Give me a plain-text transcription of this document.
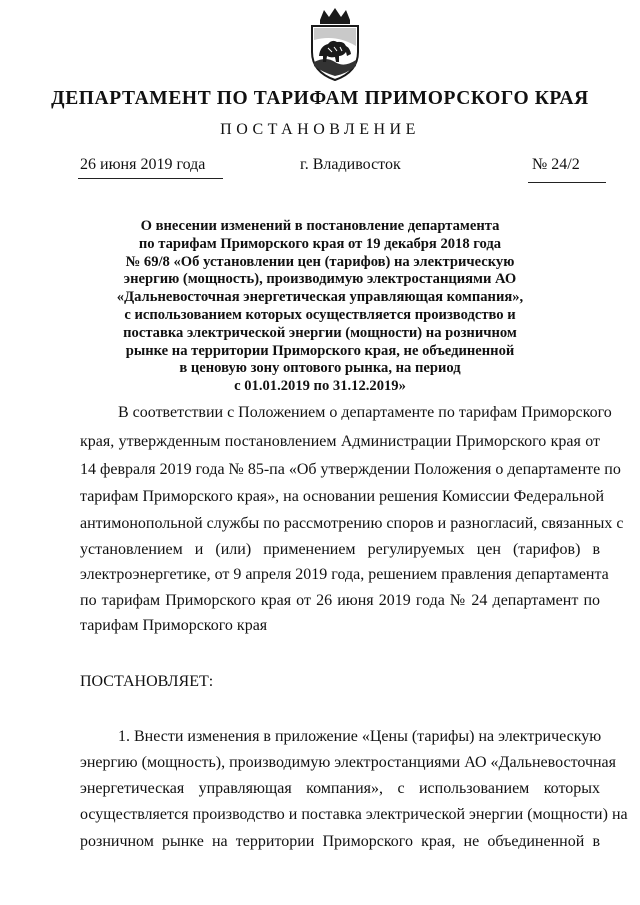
ДЕПАРТАМЕНТ ПО ТАРИФАМ ПРИМОРСКОГО КРАЯ
ПОСТАНОВЛЕНИЕ
26 июня 2019 года	г. Владивосток	№ 24/2
О внесении изменений в постановление департамента
по тарифам Приморского края от 19 декабря 2018 года
№ 69/8 «Об установлении цен (тарифов) на электрическую
энергию (мощность), производимую электростанциями АО
«Дальневосточная энергетическая управляющая компания»,
с использованием которых осуществляется производство и
поставка электрической энергии (мощности) на розничном
рынке на территории Приморского края, не объединенной
в ценовую зону оптового рынка, на период
с 01.01.2019 по 31.12.2019»
В соответствии с Положением о департаменте по тарифам Приморского
края, утвержденным постановлением Администрации Приморского края от
14 февраля 2019 года № 85-па «Об утверждении Положения о департаменте по
тарифам Приморского края», на основании решения Комиссии Федеральной
антимонопольной службы по рассмотрению споров и разногласий, связанных с
установлением и (или) применением регулируемых цен (тарифов) в
электроэнергетике, от 9 апреля 2019 года, решением правления департамента
по тарифам Приморского края от 26 июня 2019 года № 24 департамент по
тарифам Приморского края
ПОСТАНОВЛЯЕТ:
1. Внести изменения в приложение «Цены (тарифы) на электрическую
энергию (мощность), производимую электростанциями АО «Дальневосточная
энергетическая управляющая компания», с использованием которых
осуществляется производство и поставка электрической энергии (мощности) на
розничном рынке на территории Приморского края, не объединенной в
